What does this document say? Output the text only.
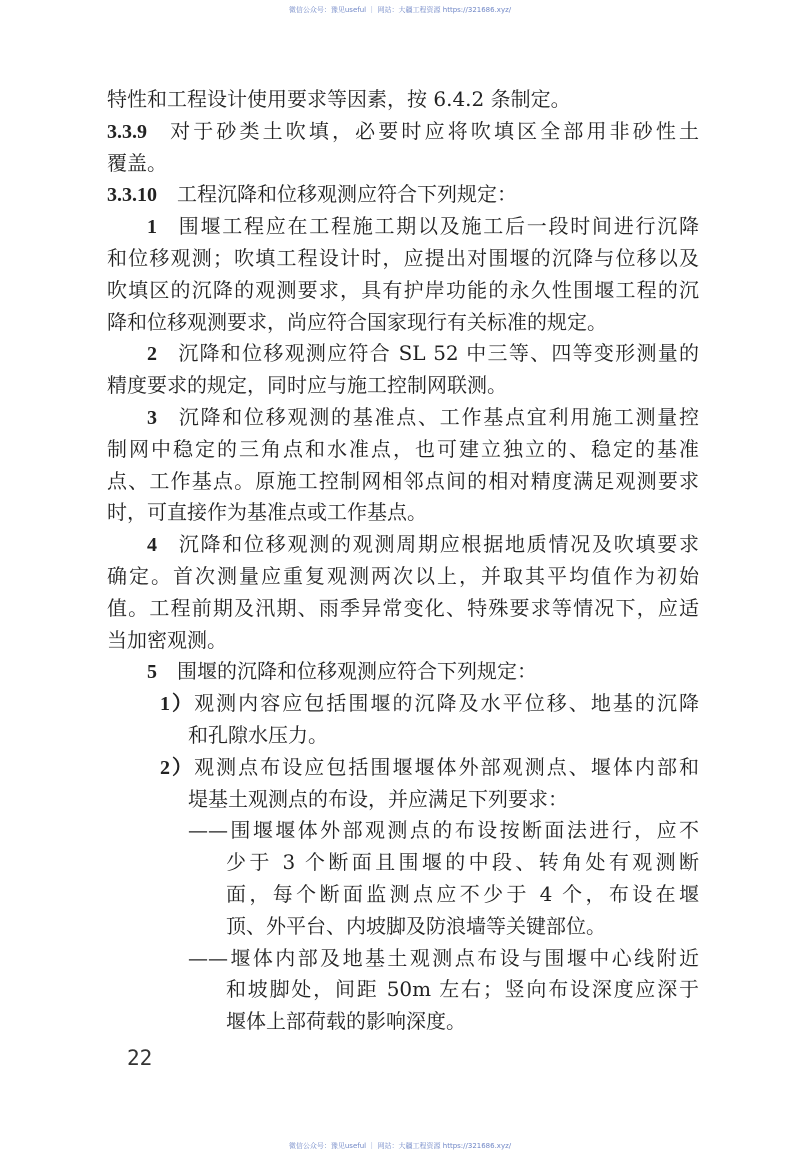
微信公众号：豫见useful ｜ 网站：大疆工程资源 https://321686.xyz/
特性和工程设计使用要求等因素，按 6.4.2 条制定。
3.3.9  对于砂类土吹填，必要时应将吹填区全部用非砂性土
覆盖。
3.3.10  工程沉降和位移观测应符合下列规定：
1  围堰工程应在工程施工期以及施工后一段时间进行沉降
和位移观测；吹填工程设计时，应提出对围堰的沉降与位移以及
吹填区的沉降的观测要求，具有护岸功能的永久性围堰工程的沉
降和位移观测要求，尚应符合国家现行有关标准的规定。
2  沉降和位移观测应符合 SL 52 中三等、四等变形测量的
精度要求的规定，同时应与施工控制网联测。
3  沉降和位移观测的基准点、工作基点宜利用施工测量控
制网中稳定的三角点和水准点，也可建立独立的、稳定的基准
点、工作基点。原施工控制网相邻点间的相对精度满足观测要求
时，可直接作为基准点或工作基点。
4  沉降和位移观测的观测周期应根据地质情况及吹填要求
确定。首次测量应重复观测两次以上，并取其平均值作为初始
值。工程前期及汛期、雨季异常变化、特殊要求等情况下，应适
当加密观测。
5  围堰的沉降和位移观测应符合下列规定：
1）观测内容应包括围堰的沉降及水平位移、地基的沉降
和孔隙水压力。
2）观测点布设应包括围堰堰体外部观测点、堰体内部和
堤基土观测点的布设，并应满足下列要求：
——围堰堰体外部观测点的布设按断面法进行，应不
少于 3 个断面且围堰的中段、转角处有观测断
面，每个断面监测点应不少于 4 个，布设在堰
顶、外平台、内坡脚及防浪墙等关键部位。
——堰体内部及地基土观测点布设与围堰中心线附近
和坡脚处，间距 50m 左右；竖向布设深度应深于
堰体上部荷载的影响深度。
22
微信公众号：豫见useful ｜ 网站：大疆工程资源 https://321686.xyz/
